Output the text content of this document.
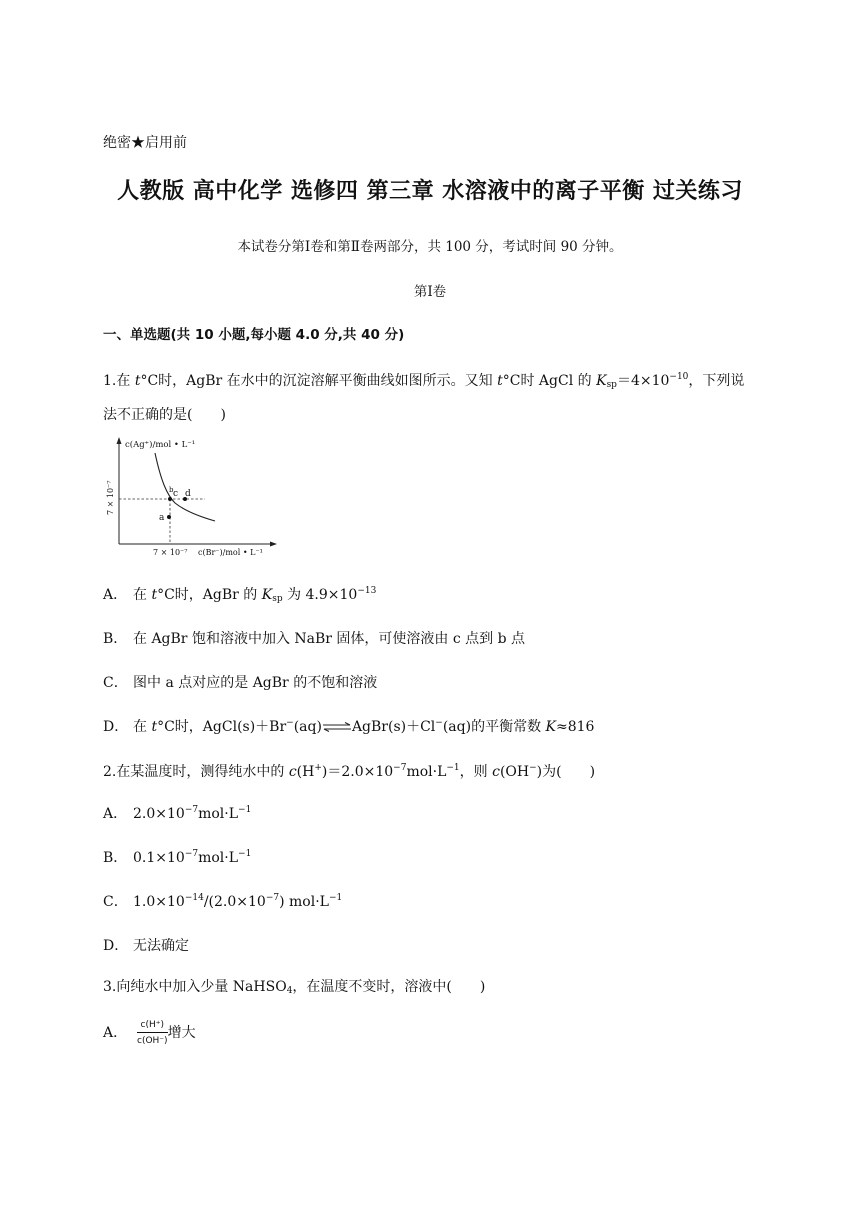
绝密★启用前
人教版 高中化学 选修四 第三章 水溶液中的离子平衡 过关练习
本试卷分第Ⅰ卷和第Ⅱ卷两部分，共 100 分，考试时间 90 分钟。
第Ⅰ卷
一、单选题(共 10 小题,每小题 4.0 分,共 40 分)
1.在 t°C时，AgBr 在水中的沉淀溶解平衡曲线如图所示。又知 t°C时 AgCl 的 $K_{sp}=4\times 10^{-10}$，下列说
法不正确的是(　　)
c(Ag⁺)/mol • L⁻¹
c(Br⁻)/mol • L⁻¹
7 × 10⁻⁷
7 × 10⁻⁷	b c d
a
A． 在 t°C时，AgBr 的 $K_{sp}$ 为 $4.9\times 10^{-13}$
B． 在 AgBr 饱和溶液中加入 NaBr 固体，可使溶液由 c 点到 b 点
C． 图中 a 点对应的是 AgBr 的不饱和溶液
D． 在 t°C时，AgCl(s)＋Br−(aq)⇌AgBr(s)＋Cl−(aq)的平衡常数 K≈816
2.在某温度时，测得纯水中的 $c(H^+)=2.0\times 10^{-7}mol\cdot L^{-1}$，则 c(OH−)为(　　)
A． $2.0\times 10^{-7}mol\cdot L^{-1}$
B． $0.1\times 10^{-7}mol\cdot L^{-1}$
C． $1.0\times 10^{-14}/(2.0\times 10^{-7})$ $mol\cdot L^{-1}$
D． 无法确定
3.向纯水中加入少量 NaHSO$_4$，在温度不变时，溶液中(　　)
A． $\frac{c(H^+)}{c(OH^-)}$ 增大
